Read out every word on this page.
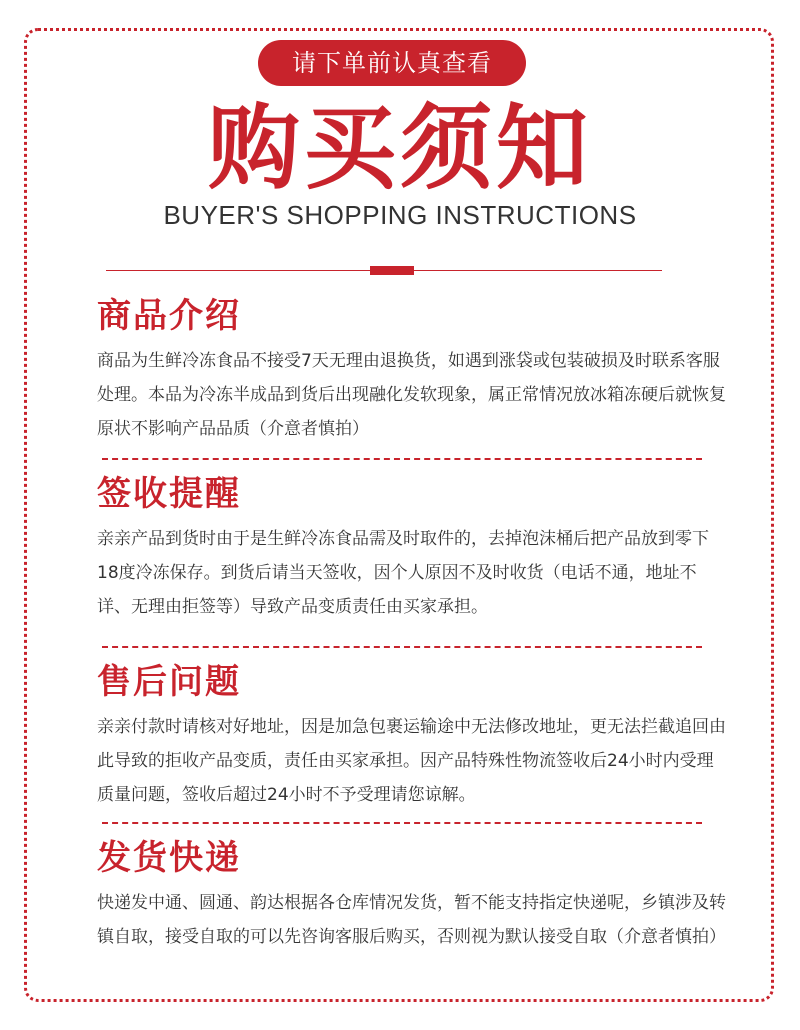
请下单前认真查看
购买须知
BUYER'S SHOPPING INSTRUCTIONS
商品介绍

商品为生鲜冷冻食品不接受7天无理由退换货，如遇到涨袋或包装破损及时联系客服处理。本品为冷冻半成品到货后出现融化发软现象，属正常情况放冰箱冻硬后就恢复原状不影响产品品质（介意者慎拍）

签收提醒

亲亲产品到货时由于是生鲜冷冻食品需及时取件的，去掉泡沫桶后把产品放到零下18度冷冻保存。到货后请当天签收，因个人原因不及时收货（电话不通，地址不详、无理由拒签等）导致产品变质责任由买家承担。

售后问题

亲亲付款时请核对好地址，因是加急包裹运输途中无法修改地址，更无法拦截追回由此导致的拒收产品变质，责任由买家承担。因产品特殊性物流签收后24小时内受理质量问题，签收后超过24小时不予受理请您谅解。

发货快递

快递发中通、圆通、韵达根据各仓库情况发货，暂不能支持指定快递呢，乡镇涉及转镇自取，接受自取的可以先咨询客服后购买，否则视为默认接受自取（介意者慎拍）
